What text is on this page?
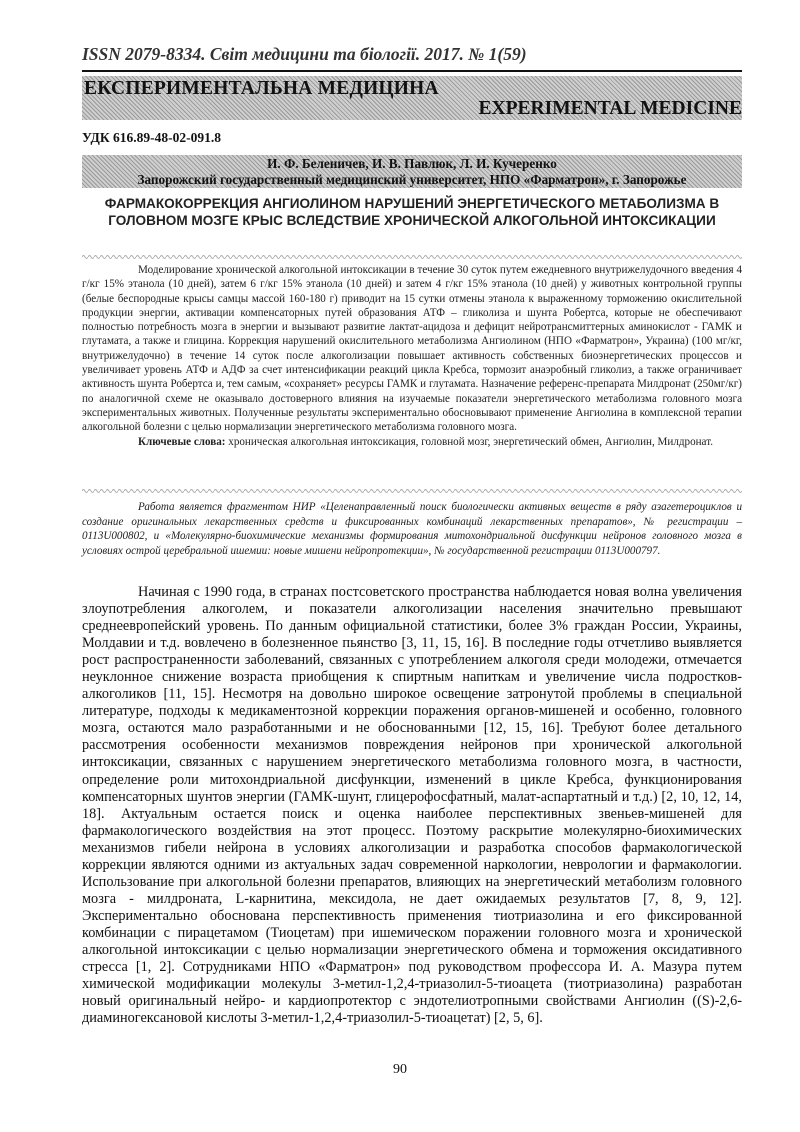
ISSN 2079-8334. Світ медицини та біології. 2017. № 1(59)
ЕКСПЕРИМЕНТАЛЬНА МЕДИЦИНА
EXPERIMENTAL MEDICINE
УДК 616.89-48-02-091.8
И. Ф. Беленичев, И. В. Павлюк, Л. И. Кучеренко
Запорожский государственный медицинский университет, НПО «Фарматрон», г. Запорожье
ФАРМАКОКОРРЕКЦИЯ АНГИОЛИНОМ НАРУШЕНИЙ ЭНЕРГЕТИЧЕСКОГО МЕТАБОЛИЗМА В ГОЛОВНОМ МОЗГЕ КРЫС ВСЛЕДСТВИЕ ХРОНИЧЕСКОЙ АЛКОГОЛЬНОЙ ИНТОКСИКАЦИИ

Моделирование хронической алкогольной интоксикации в течение 30 суток путем ежедневного внутрижелудочного введения 4 г/кг 15% этанола (10 дней), затем 6 г/кг 15% этанола (10 дней) и затем 4 г/кг 15% этанола (10 дней) у животных контрольной группы (белые беспородные крысы самцы массой 160-180 г) приводит на 15 сутки отмены этанола к выраженному торможению окислительной продукции энергии, активации компенсаторных путей образования АТФ – гликолиза и шунта Робертса, которые не обеспечивают полностью потребность мозга в энергии и вызывают развитие лактат-ацидоза и дефицит нейротрансмиттерных аминокислот - ГАМК и глутамата, а также и глицина. Коррекция нарушений окислительного метаболизма Ангиолином (НПО «Фарматрон», Украина) (100 мг/кг, внутрижелудочно) в течение 14 суток после алкоголизации повышает активность собственных биоэнергетических процессов и увеличивает уровень АТФ и АДФ за счет интенсификации реакций цикла Кребса, тормозит анаэробный гликолиз, а также ограничивает активность шунта Робертса и, тем самым, «сохраняет» ресурсы ГАМК и глутамата. Назначение референс-препарата Милдронат (250мг/кг) по аналогичной схеме не оказывало достоверного влияния на изучаемые показатели энергетического метаболизма головного мозга экспериментальных животных. Полученные результаты экспериментально обосновывают применение Ангиолина в комплексной терапии алкогольной болезни с целью нормализации энергетического метаболизма головного мозга.

Ключевые слова: хроническая алкогольная интоксикация, головной мозг, энергетический обмен, Ангиолин, Милдронат.

Работа является фрагментом НИР «Целенаправленный поиск биологически активных веществ в ряду азагетероциклов и создание оригинальных лекарственных средств и фиксированных комбинаций лекарственных препаратов», № регистрации – 0113U000802, и «Молекулярно-биохимические механизмы формирования митохондриальной дисфункции нейронов головного мозга в условиях острой церебральной ишемии: новые мишени нейропротекции», № государственной регистрации 0113U000797.

Начиная с 1990 года, в странах постсоветского пространства наблюдается новая волна увеличения злоупотребления алкоголем, и показатели алкоголизации населения значительно превышают среднеевропейский уровень. По данным официальной статистики, более 3% граждан России, Украины, Молдавии и т.д. вовлечено в болезненное пьянство [3, 11, 15, 16]. В последние годы отчетливо выявляется рост распространенности заболеваний, связанных с употреблением алкоголя среди молодежи, отмечается неуклонное снижение возраста приобщения к спиртным напиткам и увеличение числа подростков-алкоголиков [11, 15]. Несмотря на довольно широкое освещение затронутой проблемы в специальной литературе, подходы к медикаментозной коррекции поражения органов-мишеней и особенно, головного мозга, остаются мало разработанными и не обоснованными [12, 15, 16]. Требуют более детального рассмотрения особенности механизмов повреждения нейронов при хронической алкогольной интоксикации, связанных с нарушением энергетического метаболизма головного мозга, в частности, определение роли митохондриальной дисфункции, изменений в цикле Кребса, функционирования компенсаторных шунтов энергии (ГАМК-шунт, глицерофосфатный, малат-аспартатный и т.д.) [2, 10, 12, 14, 18]. Актуальным остается поиск и оценка наиболее перспективных звеньев-мишеней для фармакологического воздействия на этот процесс. Поэтому раскрытие молекулярно-биохимических механизмов гибели нейрона в условиях алкоголизации и разработка способов фармакологической коррекции являются одними из актуальных задач современной наркологии, неврологии и фармакологии. Использование при алкогольной болезни препаратов, влияющих на энергетический метаболизм головного мозга - милдроната, L-карнитина, мексидола, не дает ожидаемых результатов [7, 8, 9, 12]. Экспериментально обоснована перспективность применения тиотриазолина и его фиксированной комбинации с пирацетамом (Тиоцетам) при ишемическом поражении головного мозга и хронической алкогольной интоксикации с целью нормализации энергетического обмена и торможения оксидативного стресса [1, 2]. Сотрудниками НПО «Фарматрон» под руководством профессора И. А. Мазура путем химической модификации молекулы 3-метил-1,2,4-триазолил-5-тиоацета (тиотриазолина) разработан новый оригинальный нейро- и кардиопротектор с эндотелиотропными свойствами Ангиолин ((S)-2,6-диаминогексановой кислоты 3-метил-1,2,4-триазолил-5-тиоацетат) [2, 5, 6].

90
